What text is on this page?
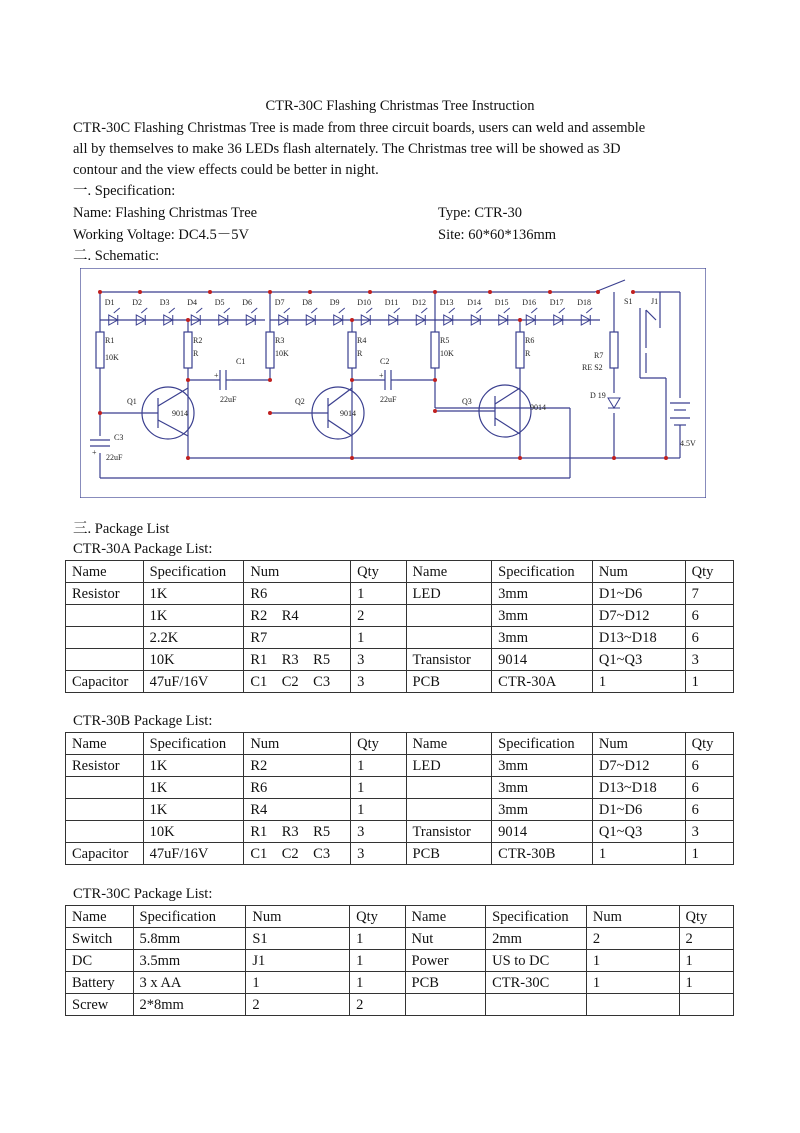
CTR-30C Flashing Christmas Tree Instruction

CTR-30C Flashing Christmas Tree is made from three circuit boards, users can weld and assemble

all by themselves to make 36 LEDs flash alternately. The Christmas tree will be showed as 3D

contour and the view effects could be better in night.

一. Specification:
Name: Flashing Christmas Tree	Type: CTR-30
Working Voltage: DC4.5－5V	Site: 60*60*136mm
二. Schematic:
D1 D2 D3 D4 D5 D6	D7 D8 D9 D10 D11 D12 D13 D14 D15 D16 D17 D18
R1
10K
R2
R
R3
10K
R4
R
R5
10K
R6
R
C1
22uF
C2
22uF
C3
22uF
+
+	+
Q1	Q2	Q3
9014	9014
9014
S1 J1
R7
RE S2
D 19
4.5V
三. Package List
CTR-30A Package List:
Name	Specification	Num	Qty	Name	Specification	Num	Qty
Resistor	1K	R6	1	LED	3mm	D1~D6	7
	1K	R2    R4	2		3mm	D7~D12	6
	2.2K	R7	1		3mm	D13~D18	6
	10K	R1    R3    R5	3	Transistor	9014	Q1~Q3	3
Capacitor	47uF/16V	C1    C2    C3	3	PCB	CTR-30A	1	1
CTR-30B Package List:
Name	Specification	Num	Qty	Name	Specification	Num	Qty
Resistor	1K	R2	1	LED	3mm	D7~D12	6
	1K	R6	1		3mm	D13~D18	6
	1K	R4	1		3mm	D1~D6	6
	10K	R1    R3    R5	3	Transistor	9014	Q1~Q3	3
Capacitor	47uF/16V	C1    C2    C3	3	PCB	CTR-30B	1	1
CTR-30C Package List:
Name	Specification	Num	Qty	Name	Specification	Num	Qty
Switch	5.8mm	S1	1	Nut	2mm	2	2
DC	3.5mm	J1	1	Power	US to DC	1	1
Battery	3 x AA	1	1	PCB	CTR-30C	1	1
Screw	2*8mm	2	2				
